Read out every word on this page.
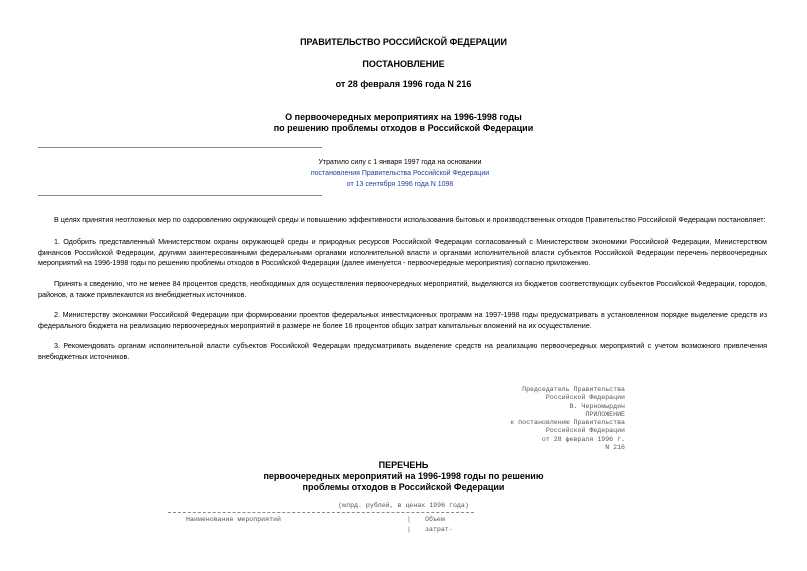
ПРАВИТЕЛЬСТВО РОССИЙСКОЙ ФЕДЕРАЦИИ
ПОСТАНОВЛЕНИЕ
от 28 февраля 1996 года N 216
О первоочередных мероприятиях на 1996-1998 годы
по решению проблемы отходов в Российской Федерации
Утратило силу с 1 января 1997 года на основании
постановления Правительства Российской Федерации
от 13 сентября 1996 года N 1098
В целях принятия неотложных мер по оздоровлению окружающей среды и повышению эффективности использования бытовых и производственных отходов Правительство Российской Федерации постановляет:
1. Одобрить представленный Министерством охраны окружающей среды и природных ресурсов Российской Федерации согласованный с Министерством экономики Российской Федерации, Министерством финансов Российской Федерации, другими заинтересованными федеральными органами исполнительной власти и органами исполнительной власти субъектов Российской Федерации перечень первоочередных мероприятий на 1996-1998 годы по решению проблемы отходов в Российской Федерации (далее именуется - первоочередные мероприятия) согласно приложению.
Принять к сведению, что не менее 84 процентов средств, необходимых для осуществления первоочередных мероприятий, выделяются из бюджетов соответствующих субъектов Российской Федерации, городов, районов, а также привлекаются из внебюджетных источников.
2. Министерству экономики Российской Федерации при формировании проектов федеральных инвестиционных программ на 1997-1998 годы предусматривать в установленном порядке выделение средств из федерального бюджета на реализацию первоочередных мероприятий в размере не более 16 процентов общих затрат капитальных вложений на их осуществление.
3. Рекомендовать органам исполнительной власти субъектов Российской Федерации предусматривать выделение средств на реализацию первоочередных мероприятий с учетом возможного привлечения внебюджетных источников.
Председатель Правительства
Российской Федерации
В. Черномырдин
ПРИЛОЖЕНИЕ
к постановлению Правительства
Российской Федерации
от 28 февраля 1996 г.
N 216
ПЕРЕЧЕНЬ
первоочередных мероприятий на 1996-1998 годы по решению
проблемы отходов в Российской Федерации
(млрд. рублей, в ценах 1996 года)
Наименование мероприятий	| Объем
| затрат-
